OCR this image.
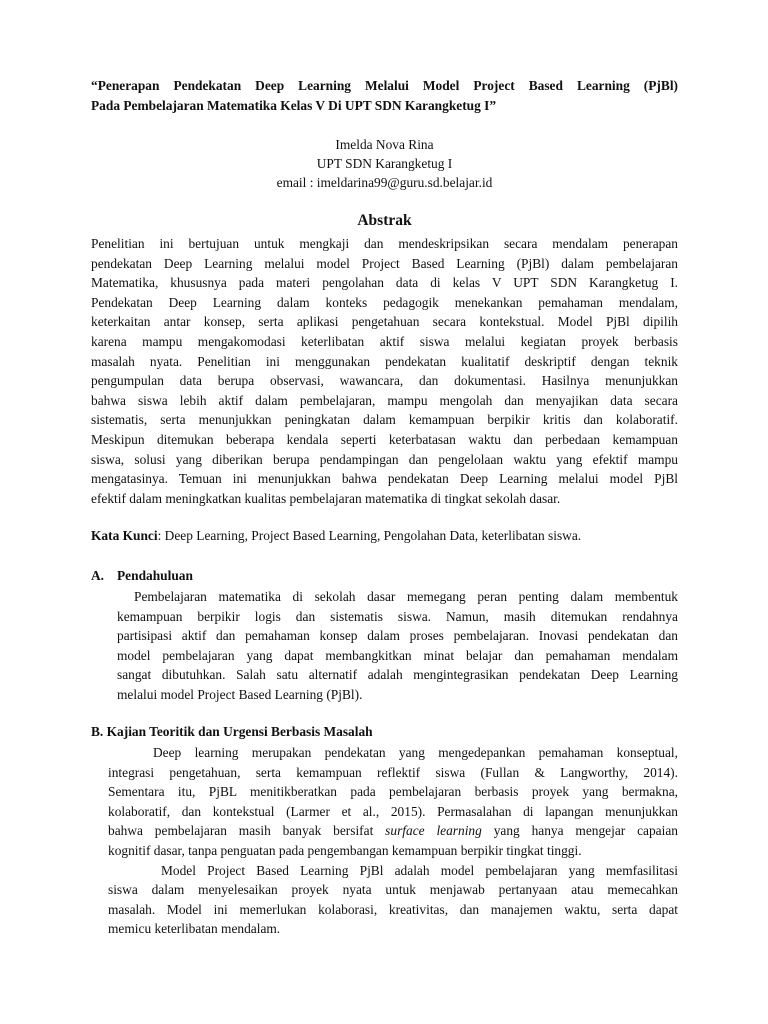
“Penerapan Pendekatan Deep Learning Melalui Model Project Based Learning (PjBl)
Pada Pembelajaran Matematika Kelas V Di UPT SDN Karangketug I”
Imelda Nova Rina
UPT SDN Karangketug I
email : imeldarina99@guru.sd.belajar.id
Abstrak
Penelitian ini bertujuan untuk mengkaji dan mendeskripsikan secara mendalam penerapan
pendekatan Deep Learning melalui model Project Based Learning (PjBl) dalam pembelajaran
Matematika, khususnya pada materi pengolahan data di kelas V UPT SDN Karangketug I.
Pendekatan Deep Learning dalam konteks pedagogik menekankan pemahaman mendalam,
keterkaitan antar konsep, serta aplikasi pengetahuan secara kontekstual. Model PjBl dipilih
karena mampu mengakomodasi keterlibatan aktif siswa melalui kegiatan proyek berbasis
masalah nyata. Penelitian ini menggunakan pendekatan kualitatif deskriptif dengan teknik
pengumpulan data berupa observasi, wawancara, dan dokumentasi. Hasilnya menunjukkan
bahwa siswa lebih aktif dalam pembelajaran, mampu mengolah dan menyajikan data secara
sistematis, serta menunjukkan peningkatan dalam kemampuan berpikir kritis dan kolaboratif.
Meskipun ditemukan beberapa kendala seperti keterbatasan waktu dan perbedaan kemampuan
siswa, solusi yang diberikan berupa pendampingan dan pengelolaan waktu yang efektif mampu
mengatasinya. Temuan ini menunjukkan bahwa pendekatan Deep Learning melalui model PjBl
efektif dalam meningkatkan kualitas pembelajaran matematika di tingkat sekolah dasar.
Kata Kunci: Deep Learning, Project Based Learning, Pengolahan Data, keterlibatan siswa.
A. Pendahuluan
Pembelajaran matematika di sekolah dasar memegang peran penting dalam membentuk
kemampuan berpikir logis dan sistematis siswa. Namun, masih ditemukan rendahnya
partisipasi aktif dan pemahaman konsep dalam proses pembelajaran. Inovasi pendekatan dan
model pembelajaran yang dapat membangkitkan minat belajar dan pemahaman mendalam
sangat dibutuhkan. Salah satu alternatif adalah mengintegrasikan pendekatan Deep Learning
melalui model Project Based Learning (PjBl).
B. Kajian Teoritik dan Urgensi Berbasis Masalah
Deep learning merupakan pendekatan yang mengedepankan pemahaman konseptual,
integrasi pengetahuan, serta kemampuan reflektif siswa (Fullan & Langworthy, 2014).
Sementara itu, PjBL menitikberatkan pada pembelajaran berbasis proyek yang bermakna,
kolaboratif, dan kontekstual (Larmer et al., 2015). Permasalahan di lapangan menunjukkan
bahwa pembelajaran masih banyak bersifat surface learning yang hanya mengejar capaian
kognitif dasar, tanpa penguatan pada pengembangan kemampuan berpikir tingkat tinggi.
Model Project Based Learning PjBl adalah model pembelajaran yang memfasilitasi
siswa dalam menyelesaikan proyek nyata untuk menjawab pertanyaan atau memecahkan
masalah. Model ini memerlukan kolaborasi, kreativitas, dan manajemen waktu, serta dapat
memicu keterlibatan mendalam.
